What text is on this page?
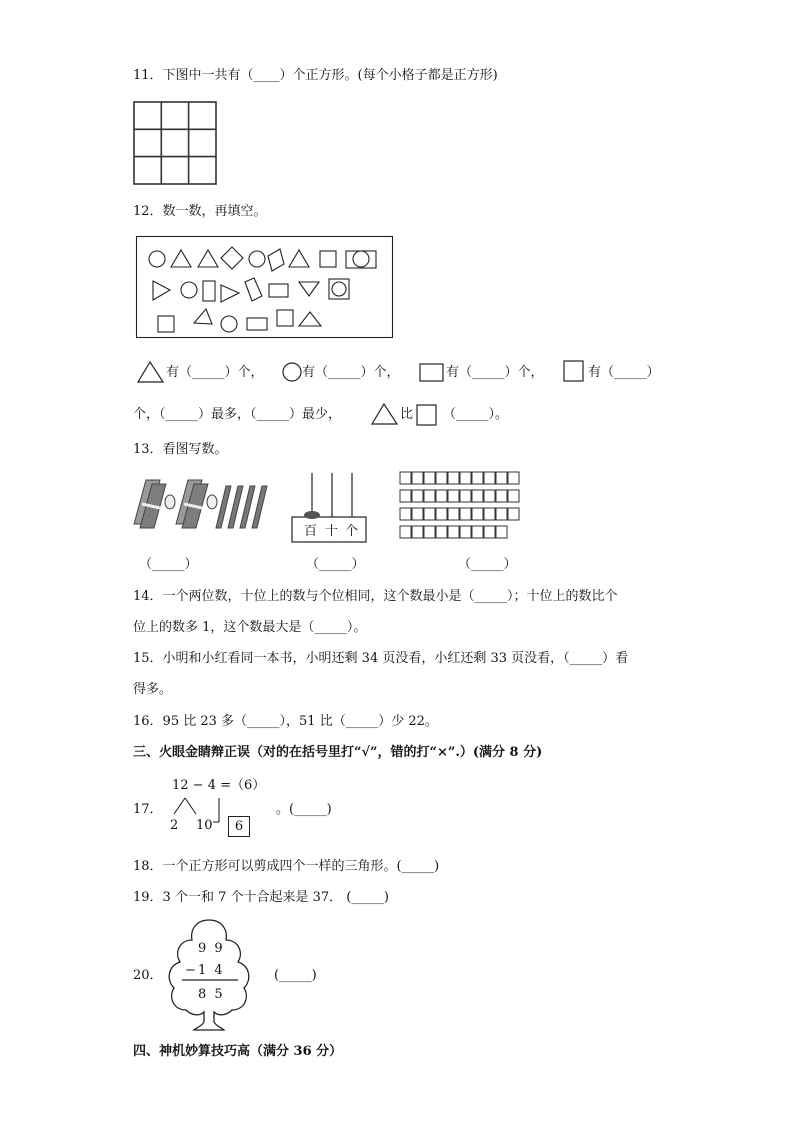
11．下图中一共有（____）个正方形。(每个小格子都是正方形)
12．数一数，再填空。
有（_____）个，	有（_____）个，	有（_____）个，	有（_____）
个，（_____）最多，（_____）最少，	比 （_____）。
13．看图写数。
百 十 个
（_____）	（_____）	（_____）
14．一个两位数，十位上的数与个位相同，这个数最小是（_____）；十位上的数比个
位上的数多 1，这个数最大是（_____）。
15．小明和小红看同一本书，小明还剩 34 页没看，小红还剩 33 页没看，（_____）看
得多。
16．95 比 23 多（_____），51 比（_____）少 22。
三、火眼金睛辩正误（对的在括号里打“√”，错的打“×”.）(满分 8 分)
17．
12 − 4 =（6）
2 10	6
。(_____)
18．一个正方形可以剪成四个一样的三角形。(_____)
19．3 个一和 7 个十合起来是 37． (_____)
20．
9 9
− 1 4
8 5
(_____)
四、神机妙算技巧高（满分 36 分）
